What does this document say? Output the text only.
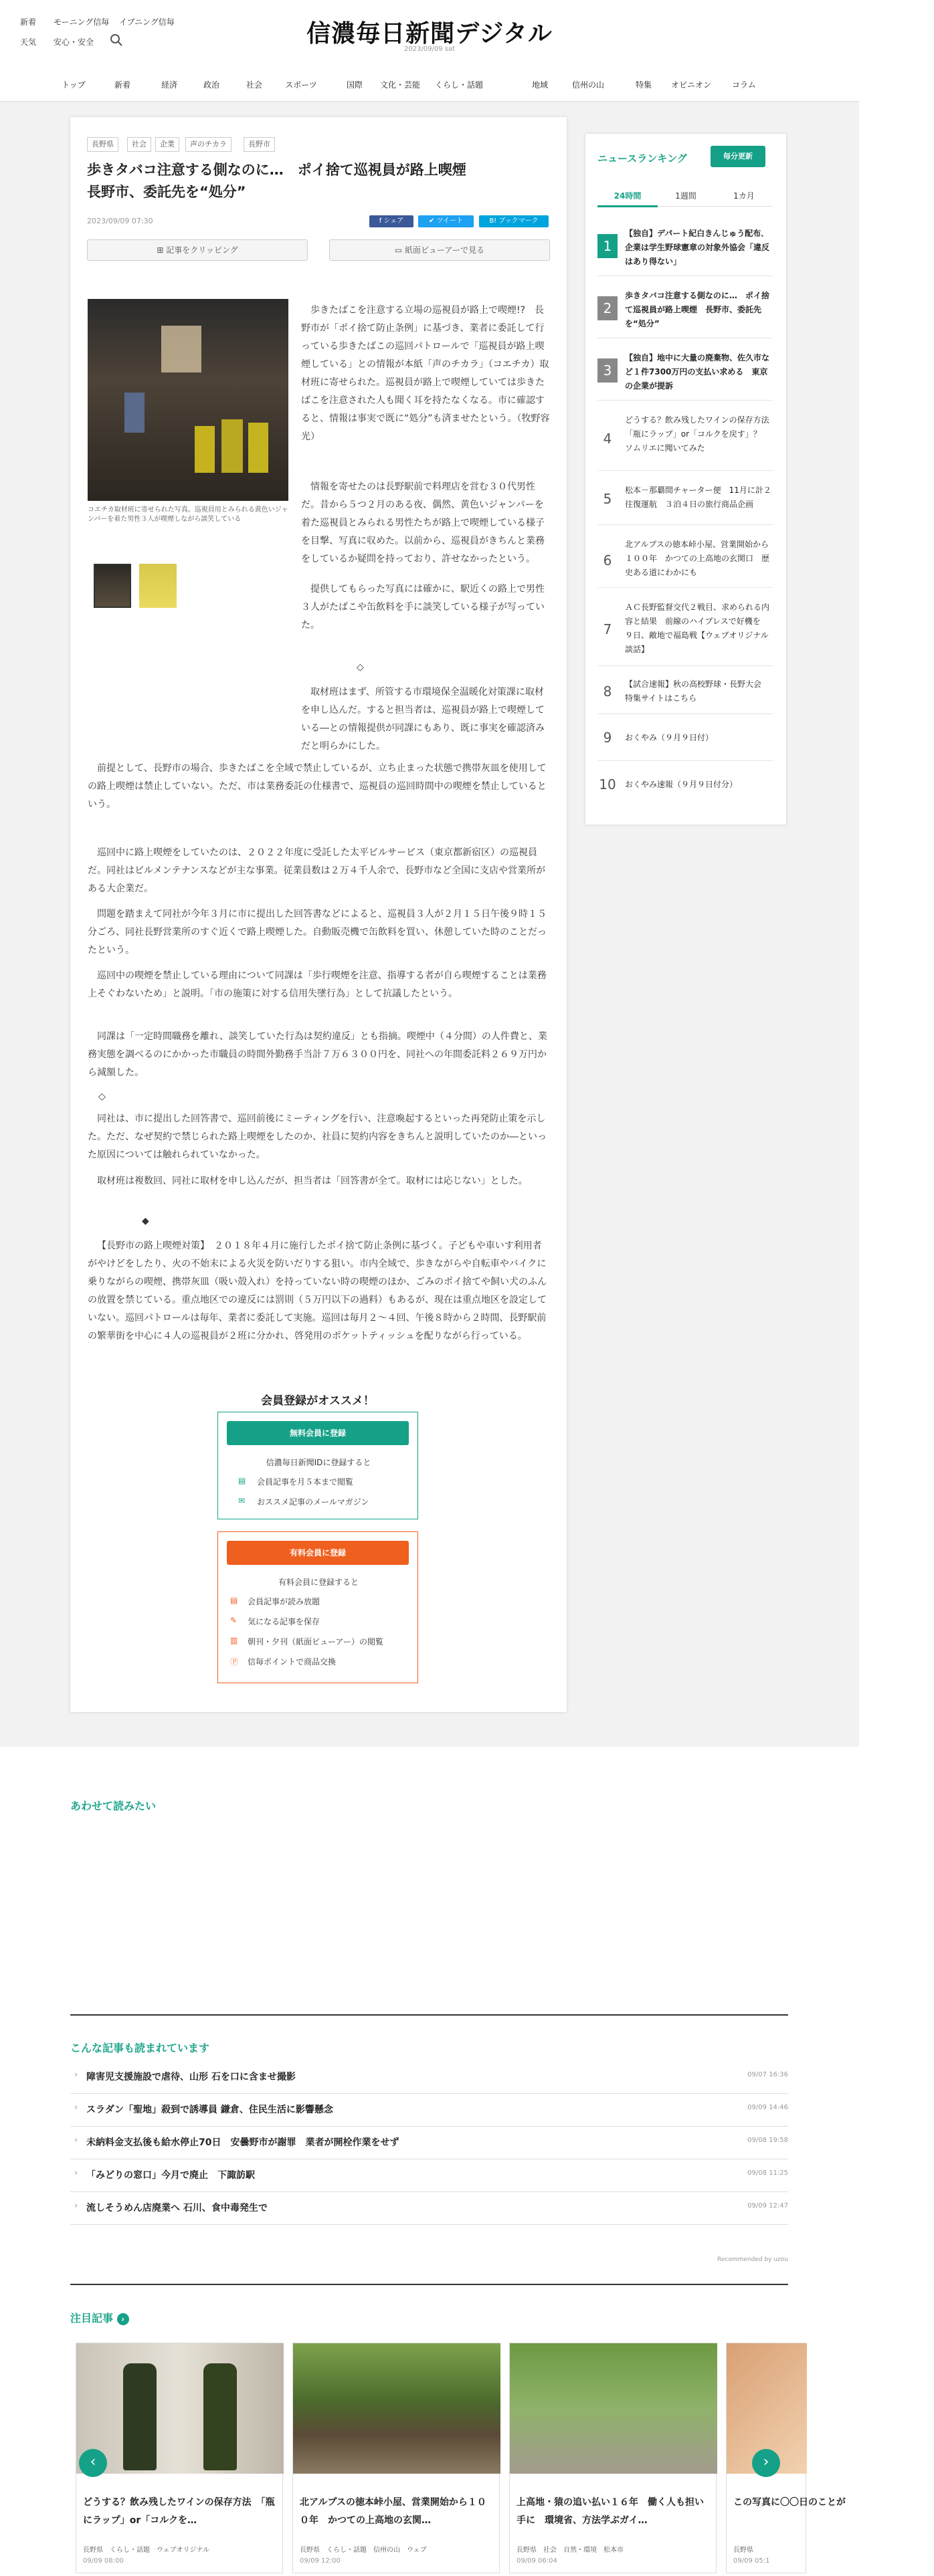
新着 モーニング信毎 イブニング信毎
天気 安心・安全	信濃毎日新聞デジタル
2023/09/09 sat
トップ	新着	経済	政治	社会	スポーツ	国際	文化・芸能	くらし・話題	地域	信州の山	特集	オピニオン	コラム
長野県	社会	企業	声のチカラ	長野市
歩きタバコ注意する側なのに…　ポイ捨て巡視員が路上喫煙
長野市、委託先を“処分”
2023/09/09 07:30	f シェア	✔ ツイート	B! ブックマーク
⊞ 記事をクリッピング	▭ 紙面ビューアーで見る
コエチカ取材班に寄せられた写真。巡視員用とみられる黄色いジャンパーを着た男性３人が喫煙しながら談笑している
歩きたばこを注意する立場の巡視員が路上で喫煙!?　長野市が「ポイ捨て防止条例」に基づき、業者に委託して行っている歩きたばこの巡回パトロールで「巡視員が路上喫煙している」との情報が本紙「声のチカラ」（コエチカ）取材班に寄せられた。巡視員が路上で喫煙していては歩きたばこを注意された人も聞く耳を持たなくなる。市に確認すると、情報は事実で既に“処分”も済ませたという。（牧野容光）
情報を寄せたのは長野駅前で料理店を営む３０代男性だ。昔から５つ２月のある夜、偶然、黄色いジャンパーを着た巡視員とみられる男性たちが路上で喫煙している様子を目撃、写真に収めた。以前から、巡視員がきちんと業務をしているか疑問を持っており、許せなかったという。
提供してもらった写真には確かに、駅近くの路上で男性３人がたばこや缶飲料を手に談笑している様子が写っていた。
◇
取材班はまず、所管する市環境保全温暖化対策課に取材を申し込んだ。すると担当者は、巡視員が路上で喫煙している―との情報提供が同課にもあり、既に事実を確認済みだと明らかにした。
前提として、長野市の場合、歩きたばこを全域で禁止しているが、立ち止まった状態で携帯灰皿を使用しての路上喫煙は禁止していない。ただ、市は業務委託の仕様書で、巡視員の巡回時間中の喫煙を禁止しているという。
巡回中に路上喫煙をしていたのは、２０２２年度に受託した太平ビルサービス（東京都新宿区）の巡視員だ。同社はビルメンテナンスなどが主な事業。従業員数は２万４千人余で、長野市など全国に支店や営業所がある大企業だ。
問題を踏まえて同社が今年３月に市に提出した回答書などによると、巡視員３人が２月１５日午後９時１５分ごろ、同社長野営業所のすぐ近くで路上喫煙した。自動販売機で缶飲料を買い、休憩していた時のことだったという。
巡回中の喫煙を禁止している理由について同課は「歩行喫煙を注意、指導する者が自ら喫煙することは業務上そぐわないため」と説明。「市の施策に対する信用失墜行為」として抗議したという。
同課は「一定時間職務を離れ、談笑していた行為は契約違反」とも指摘。喫煙中（４分間）の人件費と、業務実態を調べるのにかかった市職員の時間外勤務手当計７万６３００円を、同社への年間委託料２６９万円から減額した。
◇
同社は、市に提出した回答書で、巡回前後にミーティングを行い、注意喚起するといった再発防止策を示した。ただ、なぜ契約で禁じられた路上喫煙をしたのか、社員に契約内容をきちんと説明していたのか―といった原因については触れられていなかった。
取材班は複数回、同社に取材を申し込んだが、担当者は「回答書が全て。取材には応じない」とした。
◆
【長野市の路上喫煙対策】　２０１８年４月に施行したポイ捨て防止条例に基づく。子どもや車いす利用者がやけどをしたり、火の不始末による火災を防いだりする狙い。市内全域で、歩きながらや自転車やバイクに乗りながらの喫煙、携帯灰皿（吸い殻入れ）を持っていない時の喫煙のほか、ごみのポイ捨てや飼い犬のふんの放置を禁じている。重点地区での違反には罰則（５万円以下の過料）もあるが、現在は重点地区を設定していない。巡回パトロールは毎年、業者に委託して実施。巡回は毎月２～４回、午後８時から２時間、長野駅前の繁華街を中心に４人の巡視員が２班に分かれ、啓発用のポケットティッシュを配りながら行っている。
会員登録がオススメ！
無料会員に登録
信濃毎日新聞IDに登録すると
▤ 会員記事を月５本まで閲覧
✉ おススメ記事のメールマガジン
有料会員に登録
有料会員に登録すると
▤ 会員記事が読み放題
✎ 気になる記事を保存
▥ 朝刊・夕刊（紙面ビューアー）の閲覧
Ⓟ 信毎ポイントで商品交換
ニュースランキング	毎分更新
24時間	1週間	1カ月
1
【独自】デパート紀白きんじゅう配布､企業は学生野球憲章の対象外協会「違反はあり得ない」
2
歩きタバコ注意する側なのに…　ポイ捨て巡視員が路上喫煙　長野市、委託先を“処分”
3
【独自】地中に大量の廃棄物、佐久市など１件7300万円の支払い求める　東京の企業が提訴
4
どうする？飲み残したワインの保存方法　「瓶にラップ」or「コルクを戻す」？　ソムリエに聞いてみた
5
松本－那覇間チャーター便　11月に計２往復運航　３泊４日の旅行商品企画
6
北アルプスの徳本峠小屋、営業開始から１００年　かつての上高地の玄関口　歴史ある道にわかにも
7
ＡＣ長野監督交代２戦目、求められる内容と結果　前線のハイプレスで好機を　９日、敵地で福島戦【ウェブオリジナル談話】
8	【試合速報】秋の高校野球・長野大会　特集サイトはこちら
9	おくやみ（９月９日付）
10 おくやみ速報（９月９日付分）
あわせて読みたい
こんな記事も読まれています
› 障害児支援施設で虐待、山形 石を口に含ませ撮影	09/07 16:36
› スラダン「聖地」殺到で誘導員 鎌倉、住民生活に影響懸念	09/09 14:46
› 未納料金支払後も給水停止70日　安曇野市が謝罪　業者が開栓作業をせず	09/08 19:58
› 「みどりの窓口」今月で廃止　下諏訪駅	09/08 11:25
› 流しそうめん店廃業へ 石川、食中毒発生で	09/09 12:47
Recommended by uzou
注目記事 ›
どうする？飲み残したワインの保存方法　「瓶にラップ」or「コルクを…
長野県　くらし・話題　ウェブオリジナル
09/09 08:00
北アルプスの徳本峠小屋、営業開始から１００年　かつての上高地の玄関…
長野県　くらし・話題　信州の山　ウェブ
09/09 12:00
上高地・猿の追い払い１６年　働く人も担い手に　環境省、方法学ぶガイ…
長野県　社会　自然・環境　松本市
09/09 06:04
この写真に〇〇日のことが
長野県
09/09 05:1
‹	›
